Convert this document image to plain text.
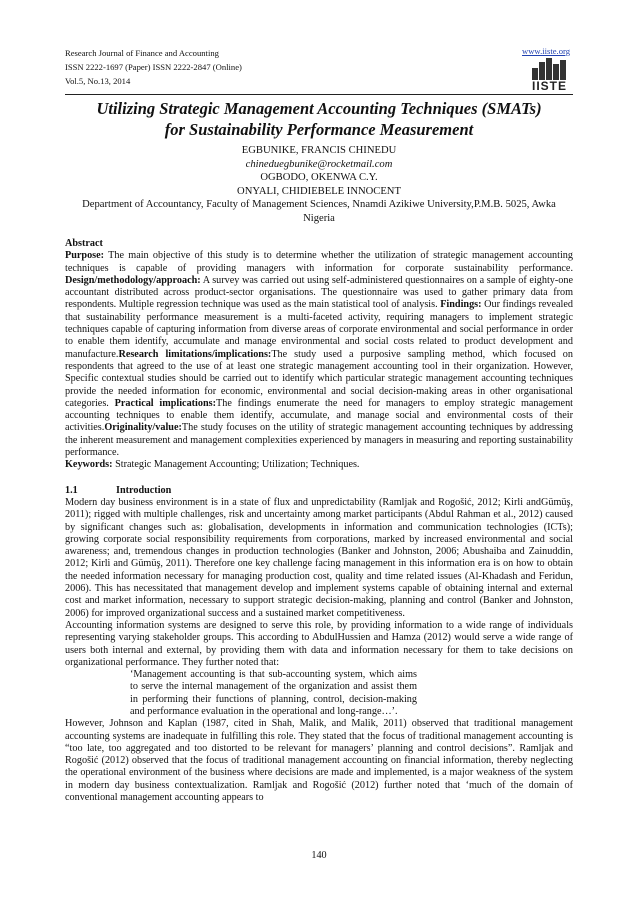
Research Journal of Finance and Accounting
ISSN 2222-1697 (Paper) ISSN 2222-2847 (Online)
Vol.5, No.13, 2014
www.iiste.org
IISTE
Utilizing Strategic Management Accounting Techniques (SMATs)
for Sustainability Performance Measurement
EGBUNIKE, FRANCIS CHINEDU
chineduegbunike@rocketmail.com
OGBODO, OKENWA C.Y.
ONYALI, CHIDIEBELE INNOCENT
Department of Accountancy, Faculty of Management Sciences, Nnamdi Azikiwe University,P.M.B. 5025, Awka Nigeria

Abstract

Purpose: The main objective of this study is to determine whether the utilization of strategic management accounting techniques is capable of providing managers with information for corporate sustainability performance. Design/methodology/approach: A survey was carried out using self-administered questionnaires on a sample of eighty-one accountant distributed across product-sector organisations. The questionnaire was used to gather primary data from respondents. Multiple regression technique was used as the main statistical tool of analysis. Findings: Our findings revealed that sustainability performance measurement is a multi-faceted activity, requiring managers to implement strategic techniques capable of capturing information from diverse areas of corporate environmental and social performance in order to enable them identify, accumulate and manage environmental and social costs related to product development and manufacture.Research limitations/implications:The study used a purposive sampling method, which focused on respondents that agreed to the use of at least one strategic management accounting tool in their organization. However, Specific contextual studies should be carried out to identify which particular strategic management accounting techniques provide the needed information for economic, environmental and social decision-making areas in other organisational categories. Practical implications:The findings enumerate the need for managers to employ strategic management accounting techniques to enable them identify, accumulate, and manage social and environmental costs of their activities.Originality/value:The study focuses on the utility of strategic management accounting techniques by addressing the inherent measurement and management complexities experienced by managers in measuring and reporting sustainability performance.

Keywords: Strategic Management Accounting; Utilization; Techniques.

1.1	Introduction

Modern day business environment is in a state of flux and unpredictability (Ramljak and Rogošić, 2012; Kirli andGümüş, 2011); rigged with multiple challenges, risk and uncertainty among market participants (Abdul Rahman et al., 2012) caused by significant changes such as: globalisation, developments in information and communication technologies (ICTs); growing corporate social responsibility requirements from corporations, marked by increased environmental and social awareness; and, tremendous changes in production technologies (Banker and Johnston, 2006; Abushaiba and Zainuddin, 2012; Kirli and Gümüş, 2011). Therefore one key challenge facing management in this information era is on how to obtain the needed information necessary for managing production cost, quality and time related issues (Al-Khadash and Feridun, 2006). This has necessitated that management develop and implement systems capable of obtaining internal and external cost and market information, necessary to support strategic decision-making, planning and control (Banker and Johnston, 2006) for improved organizational success and a sustained market competitiveness.

Accounting information systems are designed to serve this role, by providing information to a wide range of individuals representing varying stakeholder groups. This according to AbdulHussien and Hamza (2012) would serve a wide range of users both internal and external, by providing them with data and information necessary for them to take decisions on organizational performance. They further noted that:

‘Management accounting is that sub-accounting system, which aims to serve the internal management of the organization and assist them in performing their functions of planning, control, decision-making and performance evaluation in the operational and long-range…’.

However, Johnson and Kaplan (1987, cited in Shah, Malik, and Malik, 2011) observed that traditional management accounting systems are inadequate in fulfilling this role. They stated that the focus of traditional management accounting is “too late, too aggregated and too distorted to be relevant for managers’ planning and control decisions”. Ramljak and Rogošić (2012) observed that the focus of traditional management accounting on financial information, thereby neglecting the operational environment of the business where decisions are made and implemented, is a major weakness of the system in modern day business contextualization. Ramljak and Rogošić (2012) further noted that ‘much of the domain of conventional management accounting appears to

140
